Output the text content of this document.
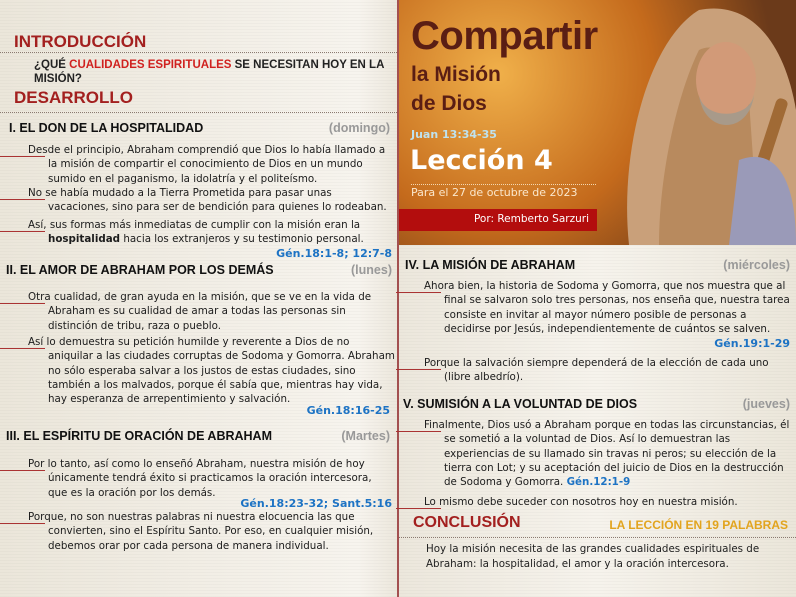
INTRODUCCIÓN
¿QUÉ CUALIDADES ESPIRITUALES SE NECESITAN HOY EN LA MISIÓN?
DESARROLLO
I. EL DON DE LA HOSPITALIDAD	(domingo)
Desde el principio, Abraham comprendió que Dios lo había llamado a la misión de compartir el conocimiento de Dios en un mundo sumido en el paganismo, la idolatría y el politeísmo.
No se había mudado a la Tierra Prometida para pasar unas vacaciones, sino para ser de bendición para quienes lo rodeaban.
Así, sus formas más inmediatas de cumplir con la misión eran la hospitalidad hacia los extranjeros y su testimonio personal.
Gén.18:1-8; 12:7-8
II. EL AMOR DE ABRAHAM POR LOS DEMÁS	(lunes)
Otra cualidad, de gran ayuda en la misión, que se ve en la vida de Abraham es su cualidad de amar a todas las personas sin distinción de tribu, raza o pueblo.
Así lo demuestra su petición humilde y reverente a Dios de no aniquilar a las ciudades corruptas de Sodoma y Gomorra. Abraham no sólo esperaba salvar a los justos de estas ciudades, sino también a los malvados, porque él sabía que, mientras hay vida, hay esperanza de arrepentimiento y salvación.
Gén.18:16-25
III. EL ESPÍRITU DE ORACIÓN DE ABRAHAM	(Martes)
Por lo tanto, así como lo enseñó Abraham, nuestra misión de hoy únicamente tendrá éxito si practicamos la oración intercesora, que es la oración por los demás.
Gén.18:23-32; Sant.5:16
Porque, no son nuestras palabras ni nuestra elocuencia las que convierten, sino el Espíritu Santo. Por eso, en cualquier misión, debemos orar por cada persona de manera individual.
Compartir
la Misión
de Dios
Juan 13:34-35
Lección 4
Para el 27 de octubre de 2023
Por: Remberto Sarzuri
IV. LA MISIÓN DE ABRAHAM	(miércoles)
Ahora bien, la historia de Sodoma y Gomorra, que nos muestra que al final se salvaron solo tres personas, nos enseña que, nuestra tarea consiste en invitar al mayor número posible de personas a decidirse por Jesús, independientemente de cuántos se salven.
Gén.19:1-29
Porque la salvación siempre dependerá de la elección de cada uno (libre albedrío).
V. SUMISIÓN A LA VOLUNTAD DE DIOS	(jueves)
Finalmente, Dios usó a Abraham porque en todas las circunstancias, él se sometió a la voluntad de Dios. Así lo demuestran las experiencias de su llamado sin travas ni peros; su elección de la tierra con Lot; y su aceptación del juicio de Dios en la destrucción de Sodoma y Gomorra. Gén.12:1-9
Lo mismo debe suceder con nosotros hoy en nuestra misión.
CONCLUSIÓN	LA LECCIÓN EN 19 PALABRAS
Hoy la misión necesita de las grandes cualidades espirituales de Abraham: la hospitalidad, el amor y la oración intercesora.
